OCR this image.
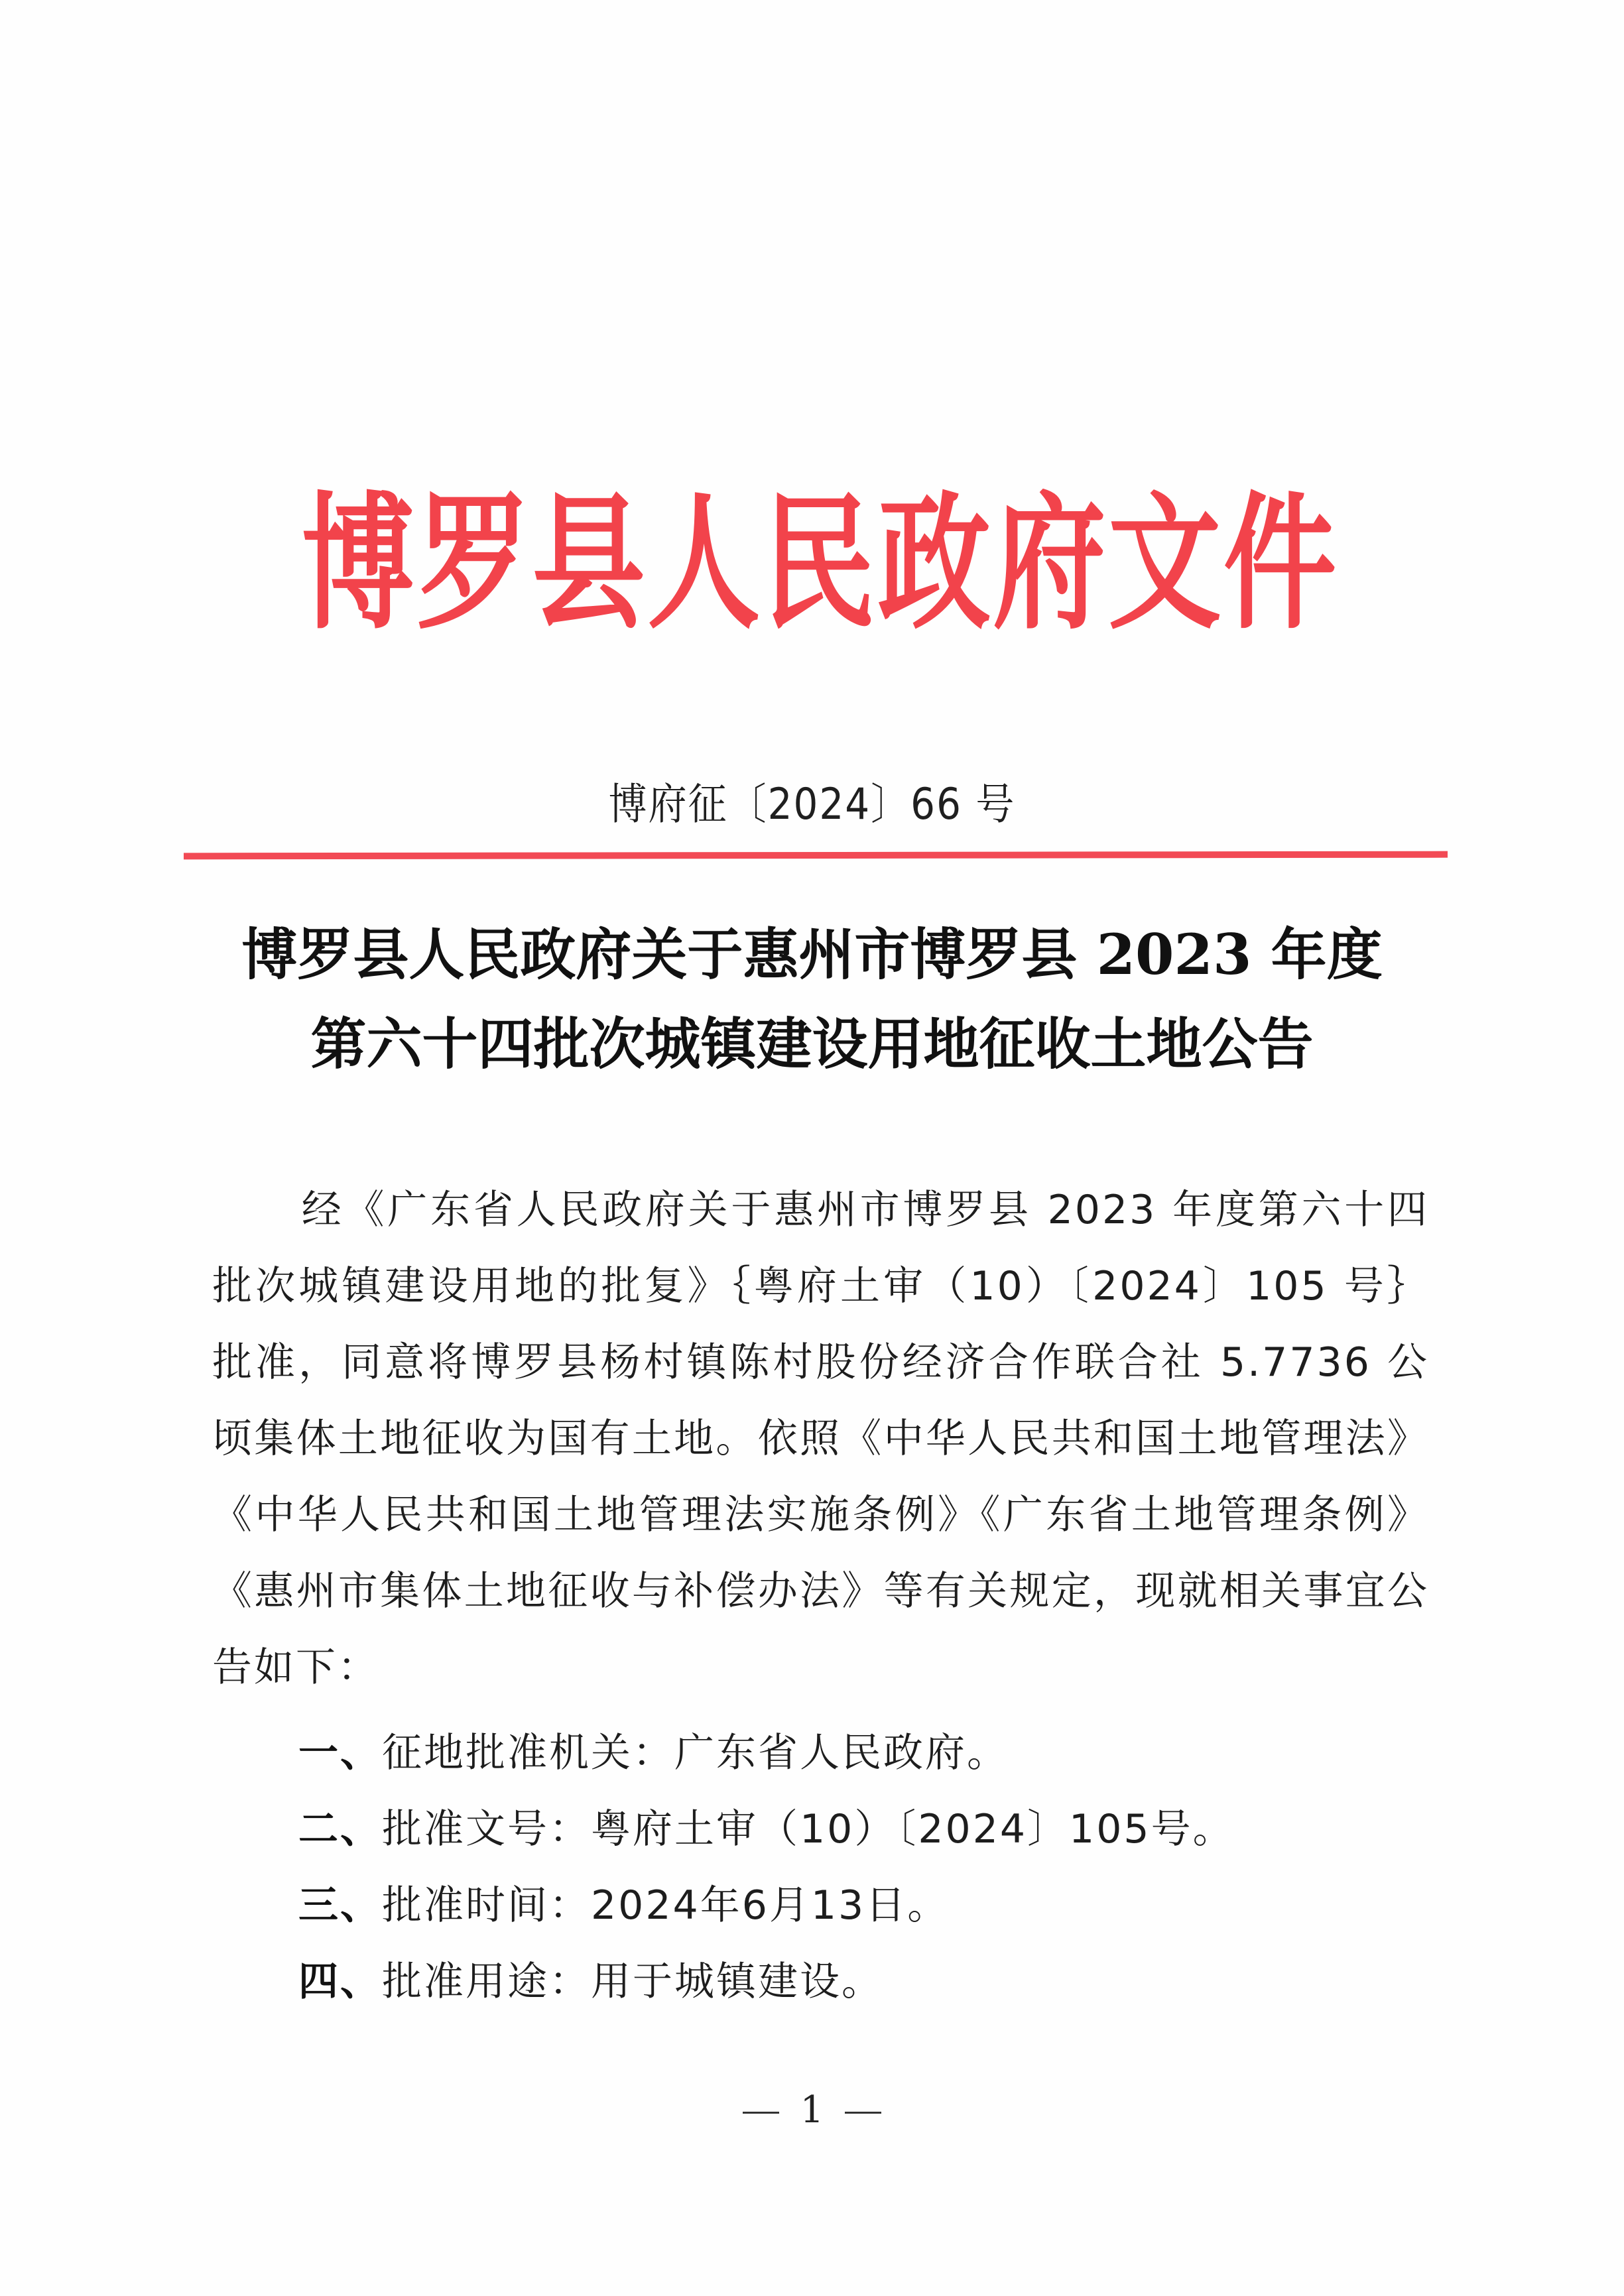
博 罗 县 人 民 政 府 文 件
博府征〔2024〕66 号
博罗县人民政府关于惠州市博罗县 2023 年度
第六十四批次城镇建设用地征收土地公告
经《广东省人民政府关于惠州市博罗县 2023 年度第六十四批次城镇建设用地的批复》｛粤府土审（10）〔2024〕105 号｝批准，同意将博罗县杨村镇陈村股份经济合作联合社 5.7736 公顷集体土地征收为国有土地。依照《中华人民共和国土地管理法》《中华人民共和国土地管理法实施条例》《广东省土地管理条例》《惠州市集体土地征收与补偿办法》等有关规定，现就相关事宜公告如下：
一、征地批准机关：广东省人民政府。
二、批准文号：粤府土审（10）〔2024〕105号。
三、批准时间：2024年6月13日。
四、批准用途：用于城镇建设。
1
